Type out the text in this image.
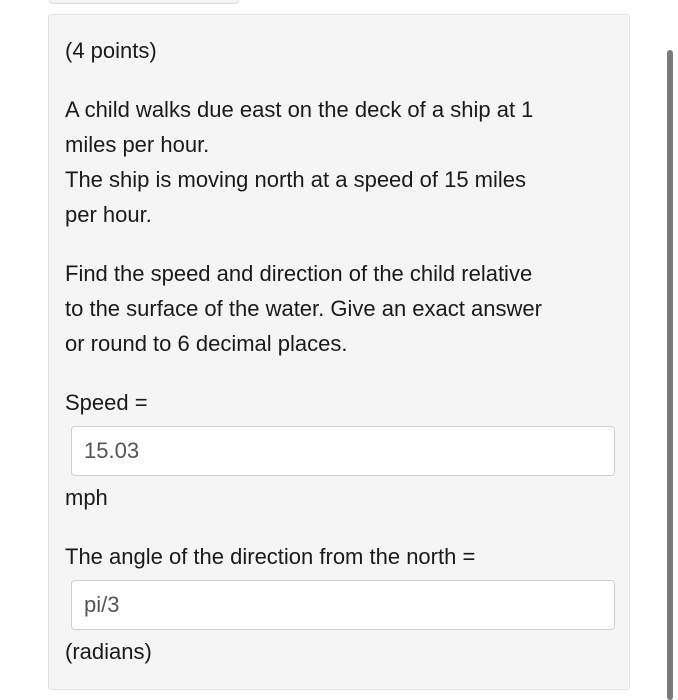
(4 points)

A child walks due east on the deck of a ship at 1
miles per hour.
The ship is moving north at a speed of 15 miles
per hour.
Find the speed and direction of the child relative
to the surface of the water. Give an exact answer
or round to 6 decimal places.
Speed =
15.03
mph
The angle of the direction from the north =
pi/3
(radians)
